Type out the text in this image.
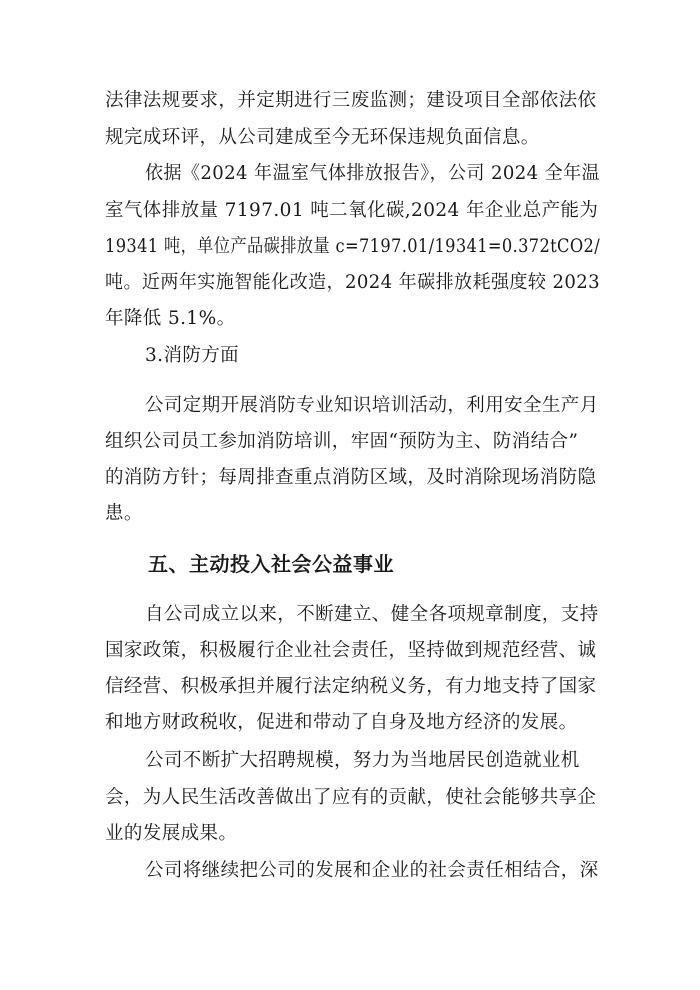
法律法规要求，并定期进行三废监测；建设项目全部依法依

规完成环评，从公司建成至今无环保违规负面信息。

依据《2024 年温室气体排放报告》，公司 2024 全年温

室气体排放量 7197.01 吨二氧化碳,2024 年企业总产能为

19341 吨，单位产品碳排放量 c=7197.01/19341=0.372tCO2/

吨。近两年实施智能化改造，2024 年碳排放耗强度较 2023

年降低 5.1%。

3.消防方面

公司定期开展消防专业知识培训活动，利用安全生产月

组织公司员工参加消防培训，牢固“预防为主、防消结合”

的消防方针；每周排查重点消防区域，及时消除现场消防隐

患。

五、主动投入社会公益事业

自公司成立以来，不断建立、健全各项规章制度，支持

国家政策，积极履行企业社会责任，坚持做到规范经营、诚

信经营、积极承担并履行法定纳税义务，有力地支持了国家

和地方财政税收，促进和带动了自身及地方经济的发展。

公司不断扩大招聘规模，努力为当地居民创造就业机

会，为人民生活改善做出了应有的贡献，使社会能够共享企

业的发展成果。

公司将继续把公司的发展和企业的社会责任相结合，深
